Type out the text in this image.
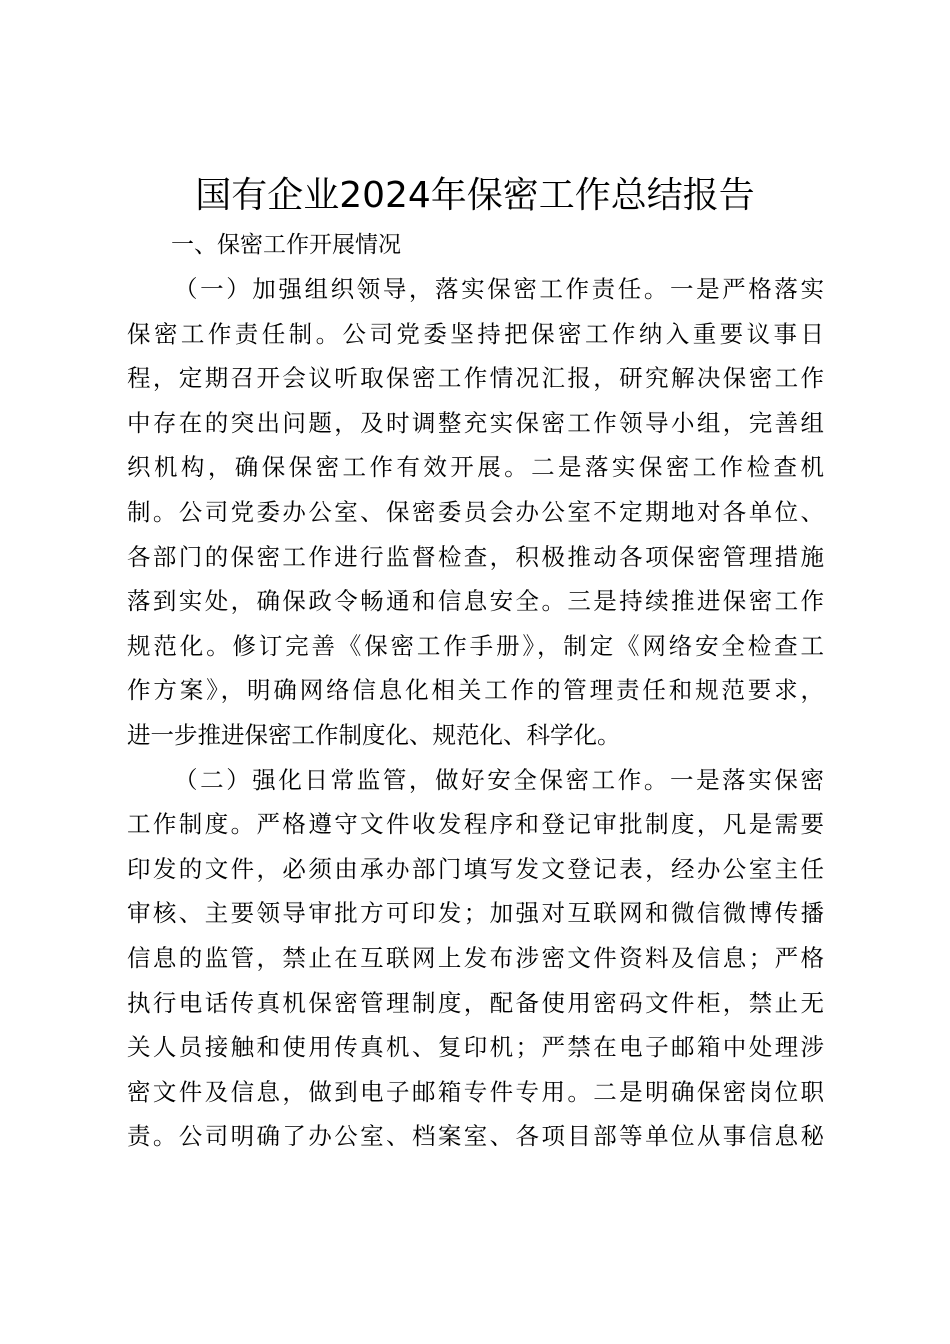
国有企业2024年保密工作总结报告

一、保密工作开展情况

（一）加强组织领导，落实保密工作责任。一是严格落实
保密工作责任制。公司党委坚持把保密工作纳入重要议事日
程，定期召开会议听取保密工作情况汇报，研究解决保密工作
中存在的突出问题，及时调整充实保密工作领导小组，完善组
织机构，确保保密工作有效开展。二是落实保密工作检查机
制。公司党委办公室、保密委员会办公室不定期地对各单位、
各部门的保密工作进行监督检查，积极推动各项保密管理措施
落到实处，确保政令畅通和信息安全。三是持续推进保密工作
规范化。修订完善《保密工作手册》，制定《网络安全检查工
作方案》，明确网络信息化相关工作的管理责任和规范要求，
进一步推进保密工作制度化、规范化、科学化。

（二）强化日常监管，做好安全保密工作。一是落实保密
工作制度。严格遵守文件收发程序和登记审批制度，凡是需要
印发的文件，必须由承办部门填写发文登记表，经办公室主任
审核、主要领导审批方可印发；加强对互联网和微信微博传播
信息的监管，禁止在互联网上发布涉密文件资料及信息；严格
执行电话传真机保密管理制度，配备使用密码文件柜，禁止无
关人员接触和使用传真机、复印机；严禁在电子邮箱中处理涉
密文件及信息，做到电子邮箱专件专用。二是明确保密岗位职
责。公司明确了办公室、档案室、各项目部等单位从事信息秘
